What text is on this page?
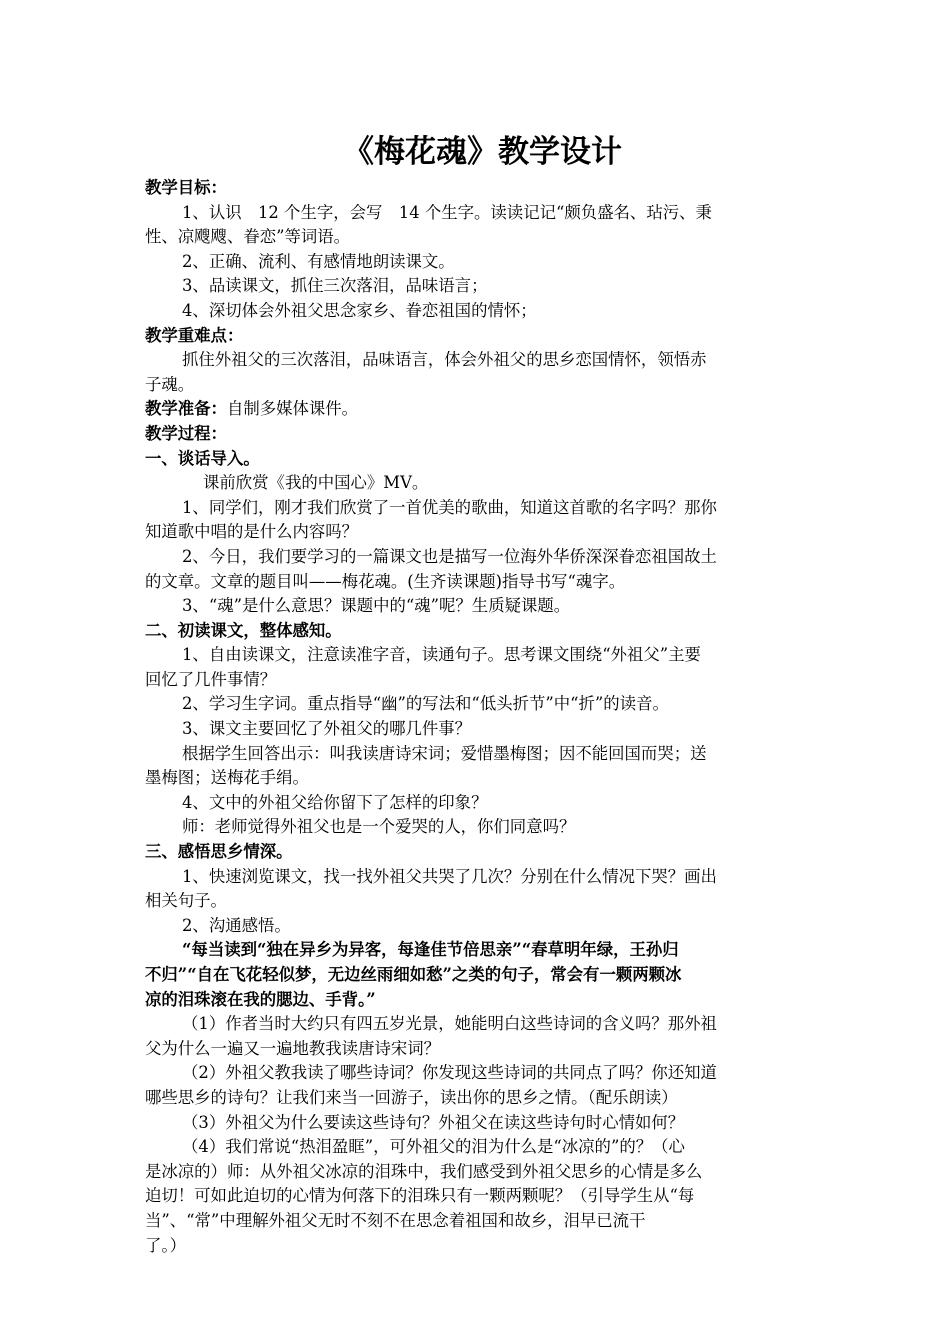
《梅花魂》教学设计
教学目标：
1、认识　12 个生字，会写　14 个生字。读读记记“颇负盛名、玷污、秉
性、凉飕飕、眷恋”等词语。
2、正确、流利、有感情地朗读课文。
3、品读课文，抓住三次落泪，品味语言；
4、深切体会外祖父思念家乡、眷恋祖国的情怀；
教学重难点：
抓住外祖父的三次落泪，品味语言，体会外祖父的思乡恋国情怀，领悟赤
子魂。
教学准备：自制多媒体课件。
教学过程：
一、谈话导入。
课前欣赏《我的中国心》MV。
1、同学们，刚才我们欣赏了一首优美的歌曲，知道这首歌的名字吗？那你
知道歌中唱的是什么内容吗？
2、今日，我们要学习的一篇课文也是描写一位海外华侨深深眷恋祖国故土
的文章。文章的题目叫——梅花魂。(生齐读课题)指导书写“魂字。
3、“魂”是什么意思？课题中的“魂”呢？生质疑课题。
二、初读课文，整体感知。
1、自由读课文，注意读准字音，读通句子。思考课文围绕“外祖父”主要
回忆了几件事情？
2、学习生字词。重点指导“幽”的写法和“低头折节”中“折”的读音。
3、课文主要回忆了外祖父的哪几件事？
根据学生回答出示：叫我读唐诗宋词；爱惜墨梅图；因不能回国而哭；送
墨梅图；送梅花手绢。
4、文中的外祖父给你留下了怎样的印象？
师：老师觉得外祖父也是一个爱哭的人，你们同意吗？
三、感悟思乡情深。
1、快速浏览课文，找一找外祖父共哭了几次？分别在什么情况下哭？画出
相关句子。
2、沟通感悟。
“每当读到“独在异乡为异客，每逢佳节倍思亲”“春草明年绿，王孙归
不归”“自在飞花轻似梦，无边丝雨细如愁”之类的句子，常会有一颗两颗冰
凉的泪珠滚在我的腮边、手背。”
（1）作者当时大约只有四五岁光景，她能明白这些诗词的含义吗？那外祖
父为什么一遍又一遍地教我读唐诗宋词？
（2）外祖父教我读了哪些诗词？你发现这些诗词的共同点了吗？你还知道
哪些思乡的诗句？让我们来当一回游子，读出你的思乡之情。（配乐朗读）
（3）外祖父为什么要读这些诗句？外祖父在读这些诗句时心情如何？
（4）我们常说“热泪盈眶”，可外祖父的泪为什么是“冰凉的”的？（心
是冰凉的）师：从外祖父冰凉的泪珠中，我们感受到外祖父思乡的心情是多么
迫切！可如此迫切的心情为何落下的泪珠只有一颗两颗呢？（引导学生从“每
当”、“常”中理解外祖父无时不刻不在思念着祖国和故乡，泪早已流干
了。）
